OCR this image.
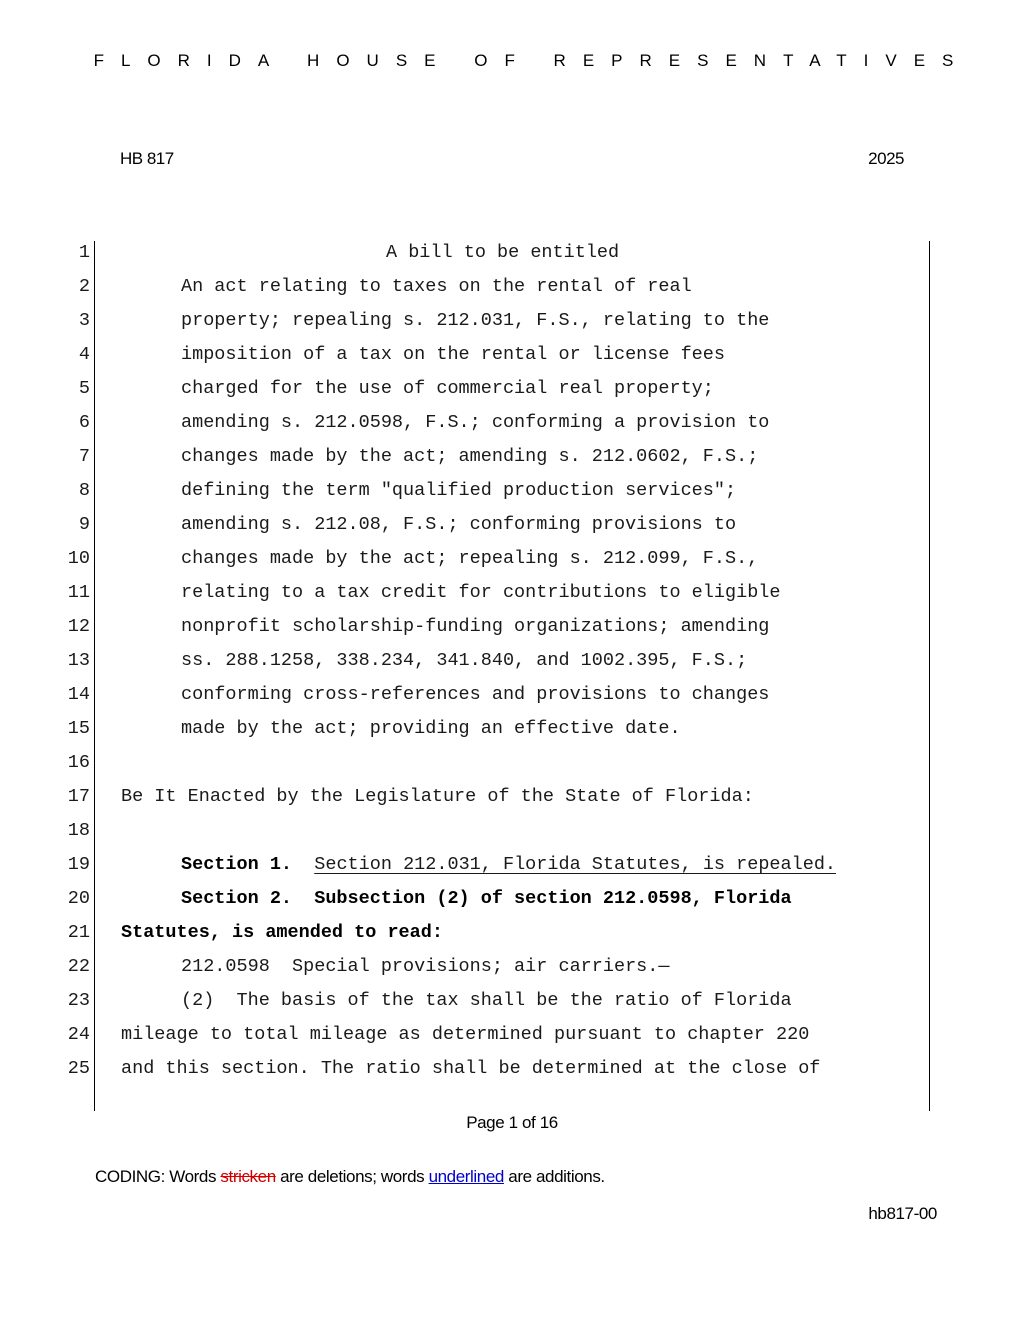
FLORIDA HOUSE OF REPRESENTATIVES
HB 817	2025
1	A bill to be entitled
2	An act relating to taxes on the rental of real
3	property; repealing s. 212.031, F.S., relating to the
4	imposition of a tax on the rental or license fees
5	charged for the use of commercial real property;
6	amending s. 212.0598, F.S.; conforming a provision to
7	changes made by the act; amending s. 212.0602, F.S.;
8	defining the term "qualified production services";
9	amending s. 212.08, F.S.; conforming provisions to
10	changes made by the act; repealing s. 212.099, F.S.,
11	relating to a tax credit for contributions to eligible
12	nonprofit scholarship-funding organizations; amending
13	ss. 288.1258, 338.234, 341.840, and 1002.395, F.S.;
14	conforming cross-references and provisions to changes
15	made by the act; providing an effective date.
16
17 Be It Enacted by the Legislature of the State of Florida:
18
19	Section 1. Section 212.031, Florida Statutes, is repealed.
20	Section 2.  Subsection (2) of section 212.0598, Florida
21 Statutes, is amended to read:
22	212.0598  Special provisions; air carriers.—
23	(2)  The basis of the tax shall be the ratio of Florida
24 mileage to total mileage as determined pursuant to chapter 220
25 and this section. The ratio shall be determined at the close of
Page 1 of 16
CODING: Words stricken are deletions; words underlined are additions.
hb817-00
